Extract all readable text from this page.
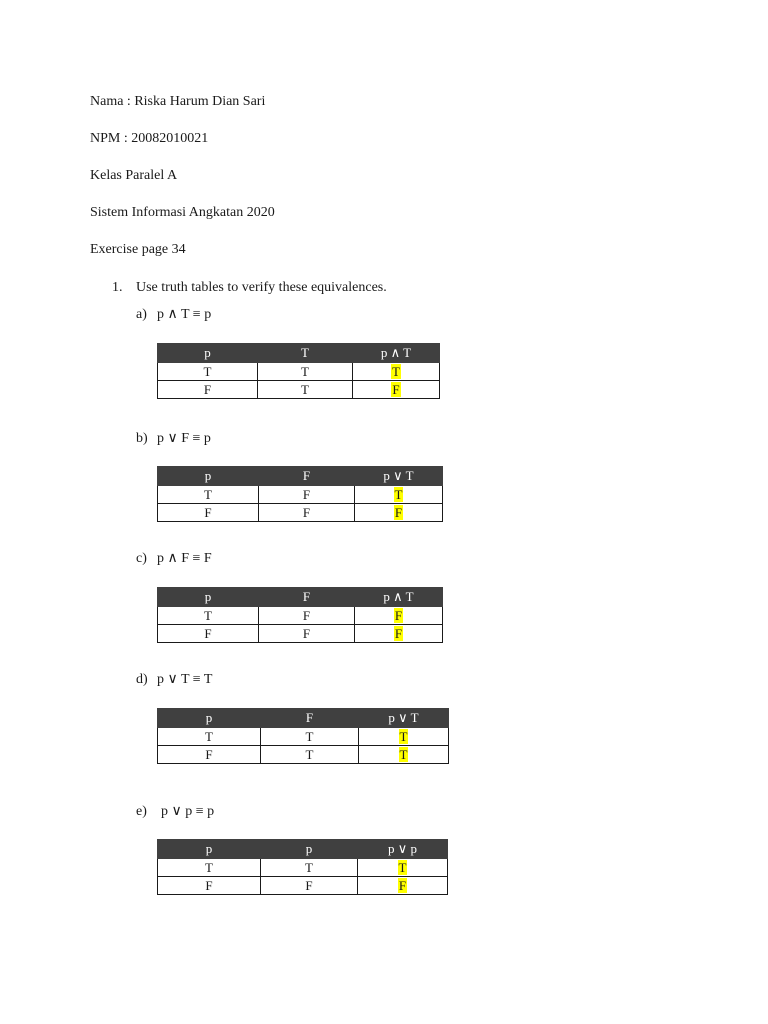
Nama : Riska Harum Dian Sari
NPM : 20082010021
Kelas Paralel A
Sistem Informasi Angkatan 2020
Exercise page 34
1. Use truth tables to verify these equivalences.
a) p ∧ T ≡ p
p	T	p ∧ T
T	T	T
F	T	F
b) p ∨ F ≡ p
p	F	p ∨ T
T	F	T
F	F	F
c) p ∧ F ≡ F
p	F	p ∧ T
T	F	F
F	F	F
d) p ∨ T ≡ T
p	F	p ∨ T
T	T	T
F	T	T
e) p ∨ p ≡ p
p	p	p ∨ p
T	T	T
F	F	F
